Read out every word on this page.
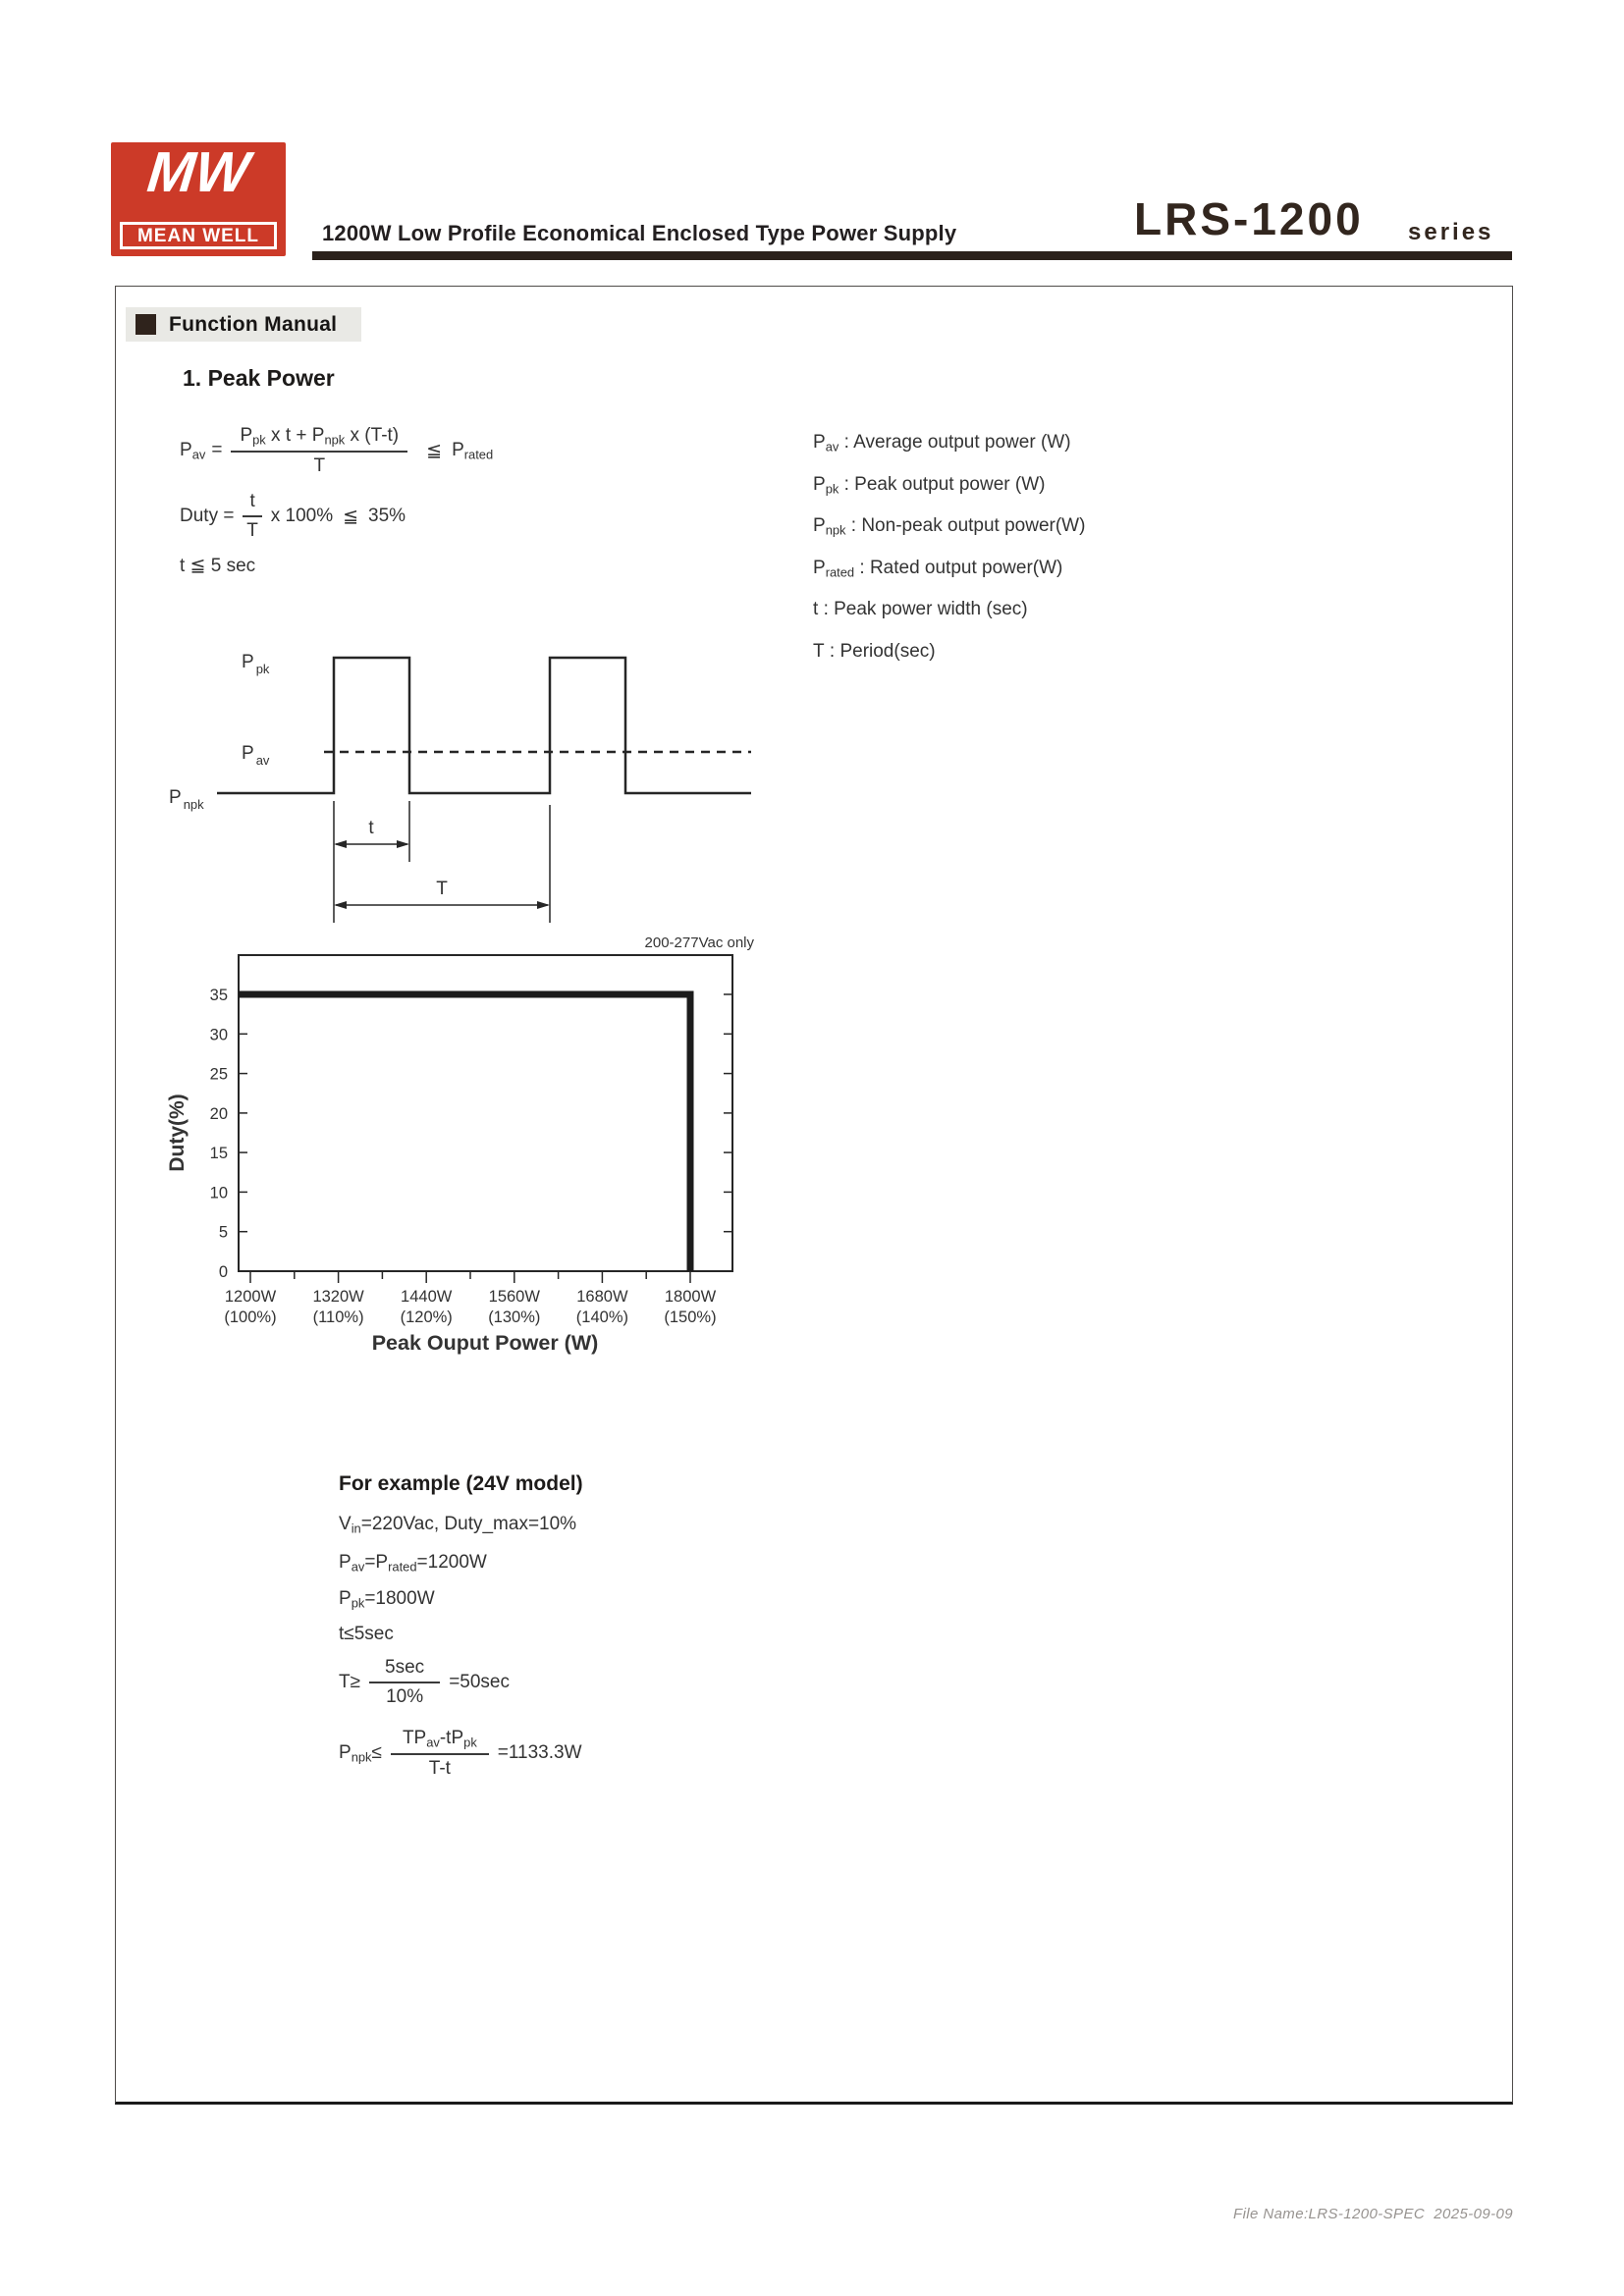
MW
MEAN WELL	1200W Low Profile Economical Enclosed Type Power Supply	LRS-1200 series
Function Manual
1. Peak Power
$P_{av} = \frac{P_{pk} x t + P_{npk} x (T-t)}{T}$ ≦ $P_{rated}$
Duty = $\frac{t}{T}$ x 100% ≦ 35%
t ≦ 5 sec
$P_{av}$ : Average output power (W)
$P_{pk}$ : Peak output power (W)
$P_{npk}$ : Non-peak output power(W)
$P_{rated}$ : Rated output power(W)
t : Peak power width (sec)
T : Period(sec)
P $_{pk}$
P $_{av}$
P $_{npk}$
t
T
200-277Vac only
0
5
10
15
20
25
30
35
1200W
(100%)
1320W
(110%)
1440W
(120%)
1560W
(130%)
1680W
(140%)
1800W
(150%)
Duty(%)
Peak Ouput Power (W)
For example (24V model)
$V_{in}=220Vac$, Duty_max=10%
$P_{av}=P_{rated}=1200W$
$P_{pk}=1800W$
t≤5sec
$T\ge \frac{5\sec}{10\%} =50\sec$
$P_{npk}\le \frac{TP_{av}-tP_{pk}}{T-t} =1133.3W$
File Name:LRS-1200-SPEC  2025-09-09
